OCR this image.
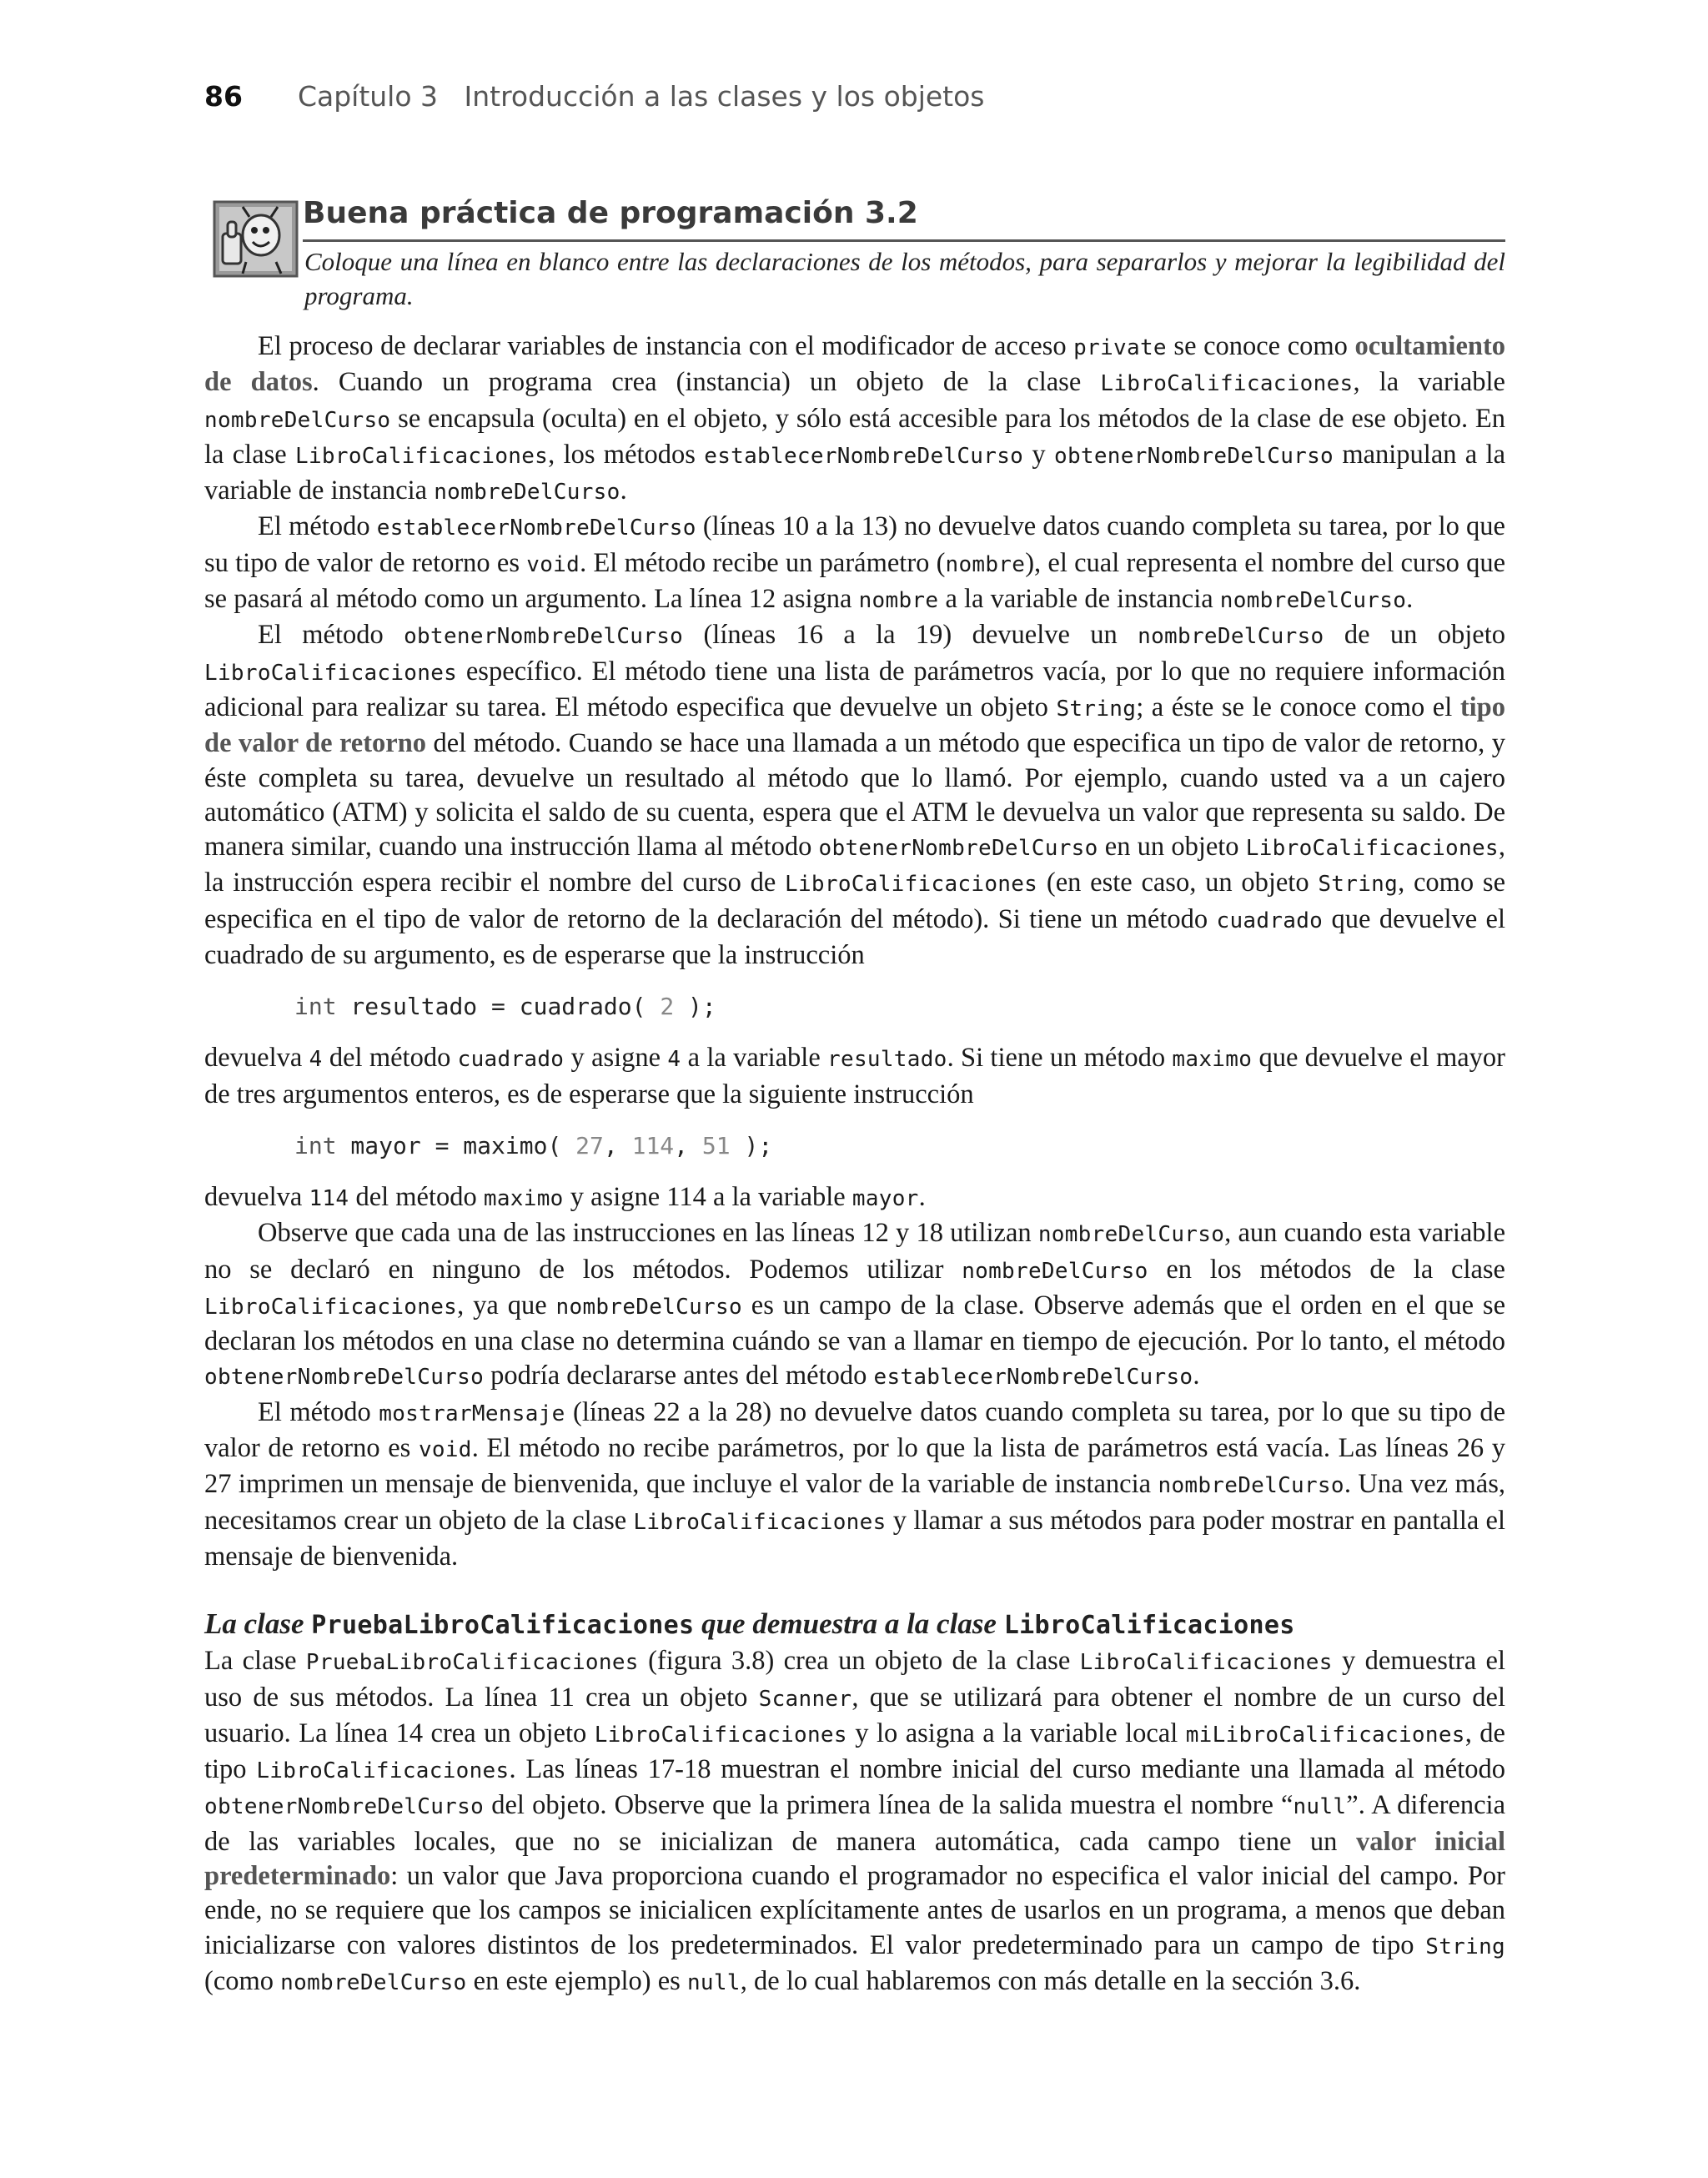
86 Capítulo 3   Introducción a las clases y los objetos
Buena práctica de programación 3.2
Coloque una línea en blanco entre las declaraciones de los métodos, para separarlos y mejorar la legibilidad del programa.

El proceso de declarar variables de instancia con el modificador de acceso private se conoce como ocultamiento de datos. Cuando un programa crea (instancia) un objeto de la clase LibroCalificaciones, la variable nombreDelCurso se encapsula (oculta) en el objeto, y sólo está accesible para los métodos de la clase de ese objeto. En la clase LibroCalificaciones, los métodos establecerNombreDelCurso y obtenerNombreDelCurso manipulan a la variable de instancia nombreDelCurso.

El método establecerNombreDelCurso (líneas 10 a la 13) no devuelve datos cuando completa su tarea, por lo que su tipo de valor de retorno es void. El método recibe un parámetro (nombre), el cual representa el nombre del curso que se pasará al método como un argumento. La línea 12 asigna nombre a la variable de instancia nombreDelCurso.

El método obtenerNombreDelCurso (líneas 16 a la 19) devuelve un nombreDelCurso de un objeto LibroCalificaciones específico. El método tiene una lista de parámetros vacía, por lo que no requiere información adicional para realizar su tarea. El método especifica que devuelve un objeto String; a éste se le conoce como el tipo de valor de retorno del método. Cuando se hace una llamada a un método que especifica un tipo de valor de retorno, y éste completa su tarea, devuelve un resultado al método que lo llamó. Por ejemplo, cuando usted va a un cajero automático (ATM) y solicita el saldo de su cuenta, espera que el ATM le devuelva un valor que representa su saldo. De manera similar, cuando una instrucción llama al método obtenerNombreDelCurso en un objeto LibroCalificaciones, la instrucción espera recibir el nombre del curso de LibroCalificaciones (en este caso, un objeto String, como se especifica en el tipo de valor de retorno de la declaración del método). Si tiene un método cuadrado que devuelve el cuadrado de su argumento, es de esperarse que la instrucción

int resultado = cuadrado( 2 );

devuelva 4 del método cuadrado y asigne 4 a la variable resultado. Si tiene un método maximo que devuelve el mayor de tres argumentos enteros, es de esperarse que la siguiente instrucción

int mayor = maximo( 27, 114, 51 );

devuelva 114 del método maximo y asigne 114 a la variable mayor.

Observe que cada una de las instrucciones en las líneas 12 y 18 utilizan nombreDelCurso, aun cuando esta variable no se declaró en ninguno de los métodos. Podemos utilizar nombreDelCurso en los métodos de la clase LibroCalificaciones, ya que nombreDelCurso es un campo de la clase. Observe además que el orden en el que se declaran los métodos en una clase no determina cuándo se van a llamar en tiempo de ejecución. Por lo tanto, el método obtenerNombreDelCurso podría declararse antes del método establecerNombreDelCurso.

El método mostrarMensaje (líneas 22 a la 28) no devuelve datos cuando completa su tarea, por lo que su tipo de valor de retorno es void. El método no recibe parámetros, por lo que la lista de parámetros está vacía. Las líneas 26 y 27 imprimen un mensaje de bienvenida, que incluye el valor de la variable de instancia nombreDelCurso. Una vez más, necesitamos crear un objeto de la clase LibroCalificaciones y llamar a sus métodos para poder mostrar en pantalla el mensaje de bienvenida.

La clase PruebaLibroCalificaciones que demuestra a la clase LibroCalificaciones

La clase PruebaLibroCalificaciones (figura 3.8) crea un objeto de la clase LibroCalificaciones y demuestra el uso de sus métodos. La línea 11 crea un objeto Scanner, que se utilizará para obtener el nombre de un curso del usuario. La línea 14 crea un objeto LibroCalificaciones y lo asigna a la variable local miLibroCalificaciones, de tipo LibroCalificaciones. Las líneas 17-18 muestran el nombre inicial del curso mediante una llamada al método obtenerNombreDelCurso del objeto. Observe que la primera línea de la salida muestra el nombre “null”. A diferencia de las variables locales, que no se inicializan de manera automática, cada campo tiene un valor inicial predeterminado: un valor que Java proporciona cuando el programador no especifica el valor inicial del campo. Por ende, no se requiere que los campos se inicialicen explícitamente antes de usarlos en un programa, a menos que deban inicializarse con valores distintos de los predeterminados. El valor predeterminado para un campo de tipo String (como nombreDelCurso en este ejemplo) es null, de lo cual hablaremos con más detalle en la sección 3.6.
